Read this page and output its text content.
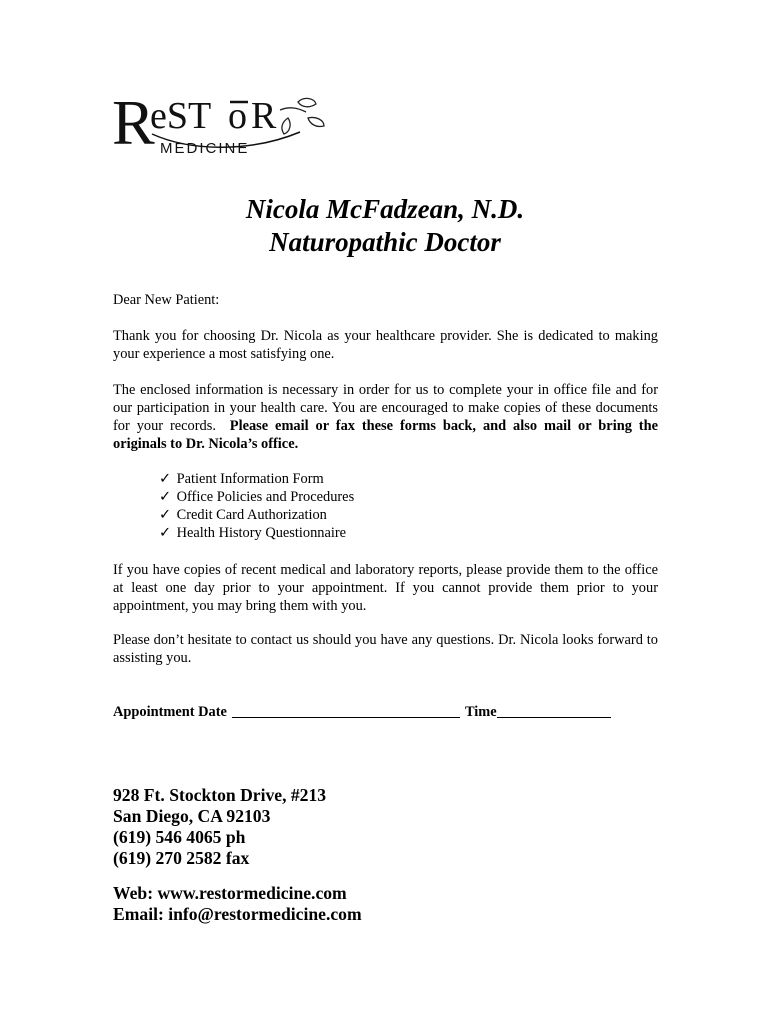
R
eST o R
MEDICINE
Nicola McFadzean, N.D.
Naturopathic Doctor

Dear New Patient:

Thank you for choosing Dr. Nicola as your healthcare provider. She is dedicated to making your experience a most satisfying one.

The enclosed information is necessary in order for us to complete your in office file and for our participation in your health care. You are encouraged to make copies of these documents for your records. Please email or fax these forms back, and also mail or bring the originals to Dr. Nicola’s office.

✓ Patient Information Form
✓ Office Policies and Procedures
✓ Credit Card Authorization
✓ Health History Questionnaire

If you have copies of recent medical and laboratory reports, please provide them to the office at least one day prior to your appointment. If you cannot provide them prior to your appointment, you may bring them with you.

Please don’t hesitate to contact us should you have any questions. Dr. Nicola looks forward to assisting you.

Appointment Date	Time
928 Ft. Stockton Drive, #213
San Diego, CA 92103
(619) 546 4065 ph
(619) 270 2582 fax
Web: www.restormedicine.com
Email: info@restormedicine.com
